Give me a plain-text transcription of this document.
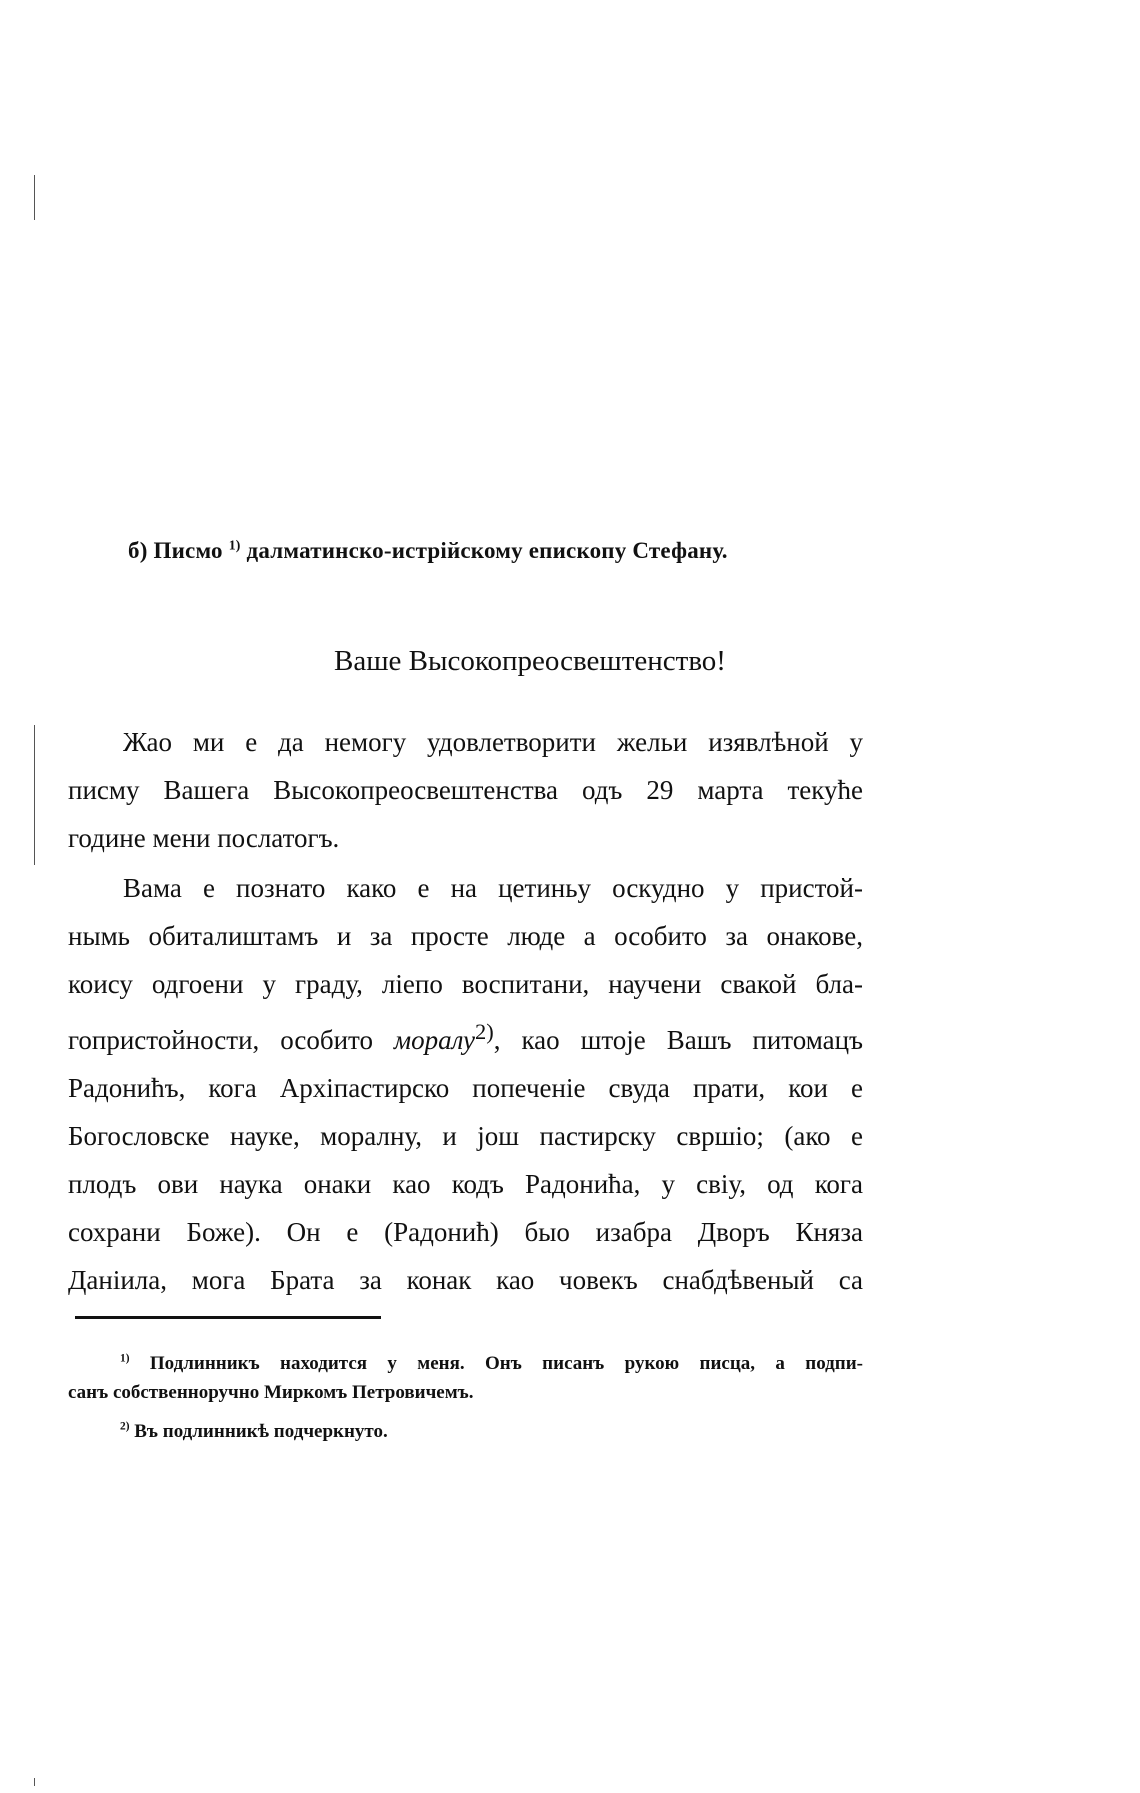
б) Писмо $^{1)}$ далматинско-истрiйскому епископу Стефану.
Ваше Высокопреосвештенство!
Жао ми е да немогу удовлетворити жельи изявлѣной у
писму Вашега Высокопреосвештенства одъ 29 марта текуће
године мени послатогъ.
Вама е познато како е на цетиньу оскудно у пристой-
нымь обиталиштамъ и за просте люде а особито за онакове,
коису одгоени у граду, лiепо воспитани, научени свакой бла-
гопристойности, особито моралу$^{2)}$, као штоje Вашъ питомацъ
Радонићъ, кога Архiпастирско попеченiе свуда прати, кои е
Богословске науке, моралну, и још пастирску свршiо; (ако е
плодъ ови наука онаки као кодъ Радонића, у свiу, од кога
сохрани Боже). Он е (Радонић) быо изабра Дворъ Княза
Данiила, мога Брата за конак као човекъ снабдѣвеный са
$^{1)}$ Подлинникъ находится у меня. Онъ писанъ рукою писца, а подпи-
санъ собственноручно Миркомъ Петровичемъ.
$^{2)}$ Въ подлинникѣ подчеркнуто.
